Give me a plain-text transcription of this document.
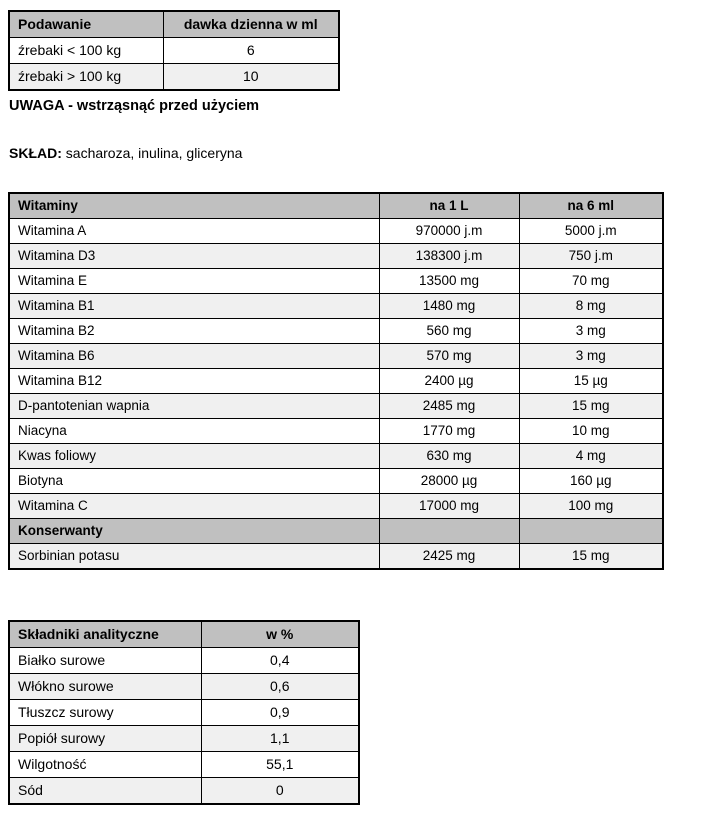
Podawanie	dawka dzienna w ml
źrebaki < 100 kg	6
źrebaki > 100 kg	10
UWAGA - wstrząsnąć przed użyciem
SKŁAD: sacharoza, inulina, gliceryna
Witaminy	na 1 L	na 6 ml
Witamina A	970000 j.m	5000 j.m
Witamina D3	138300 j.m	750 j.m
Witamina E	13500 mg	70 mg
Witamina B1	1480 mg	8 mg
Witamina B2	560 mg	3 mg
Witamina B6	570 mg	3 mg
Witamina B12	2400 µg	15 µg
D-pantotenian wapnia	2485 mg	15 mg
Niacyna	1770 mg	10 mg
Kwas foliowy	630 mg	4 mg
Biotyna	28000 µg	160 µg
Witamina C	17000 mg	100 mg
Konserwanty		
Sorbinian potasu	2425 mg	15 mg
Składniki analityczne	w %
Białko surowe	0,4
Włókno surowe	0,6
Tłuszcz surowy	0,9
Popiół surowy	1,1
Wilgotność	55,1
Sód	0
